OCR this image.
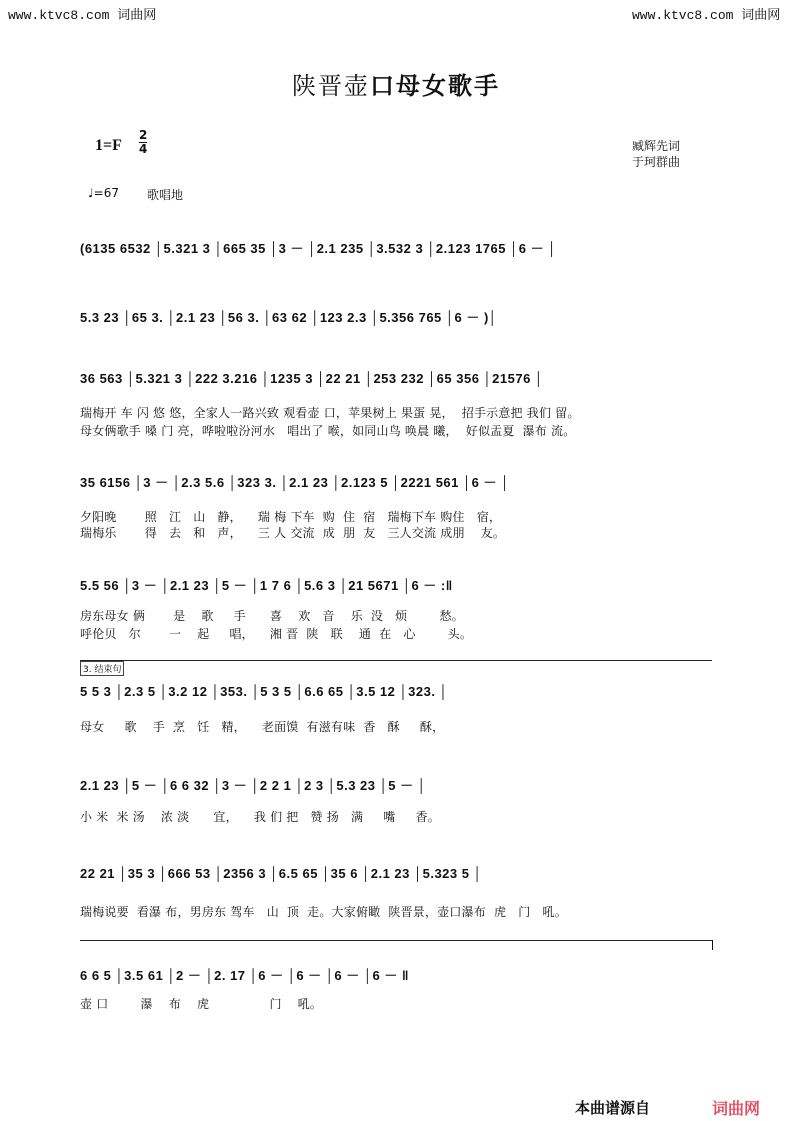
www.ktvc8.com 词曲网	www.ktvc8.com 词曲网
陕晋壶口母女歌手
$1=F \frac{2}{4}$	臧辉先词
于珂群曲
♩=67 歌唱地
(6135 6532 │5.321 3 │665 35 │3 － │2.1 235 │3.532 3 │2.123 1765 │6 － │
5.3 23 │65 3. │2.1 23 │56 3. │63 62 │123 2.3 │5.356 765 │6 － )│
36 563 │5.321 3 │222 3.216 │1235 3 │22 21 │253 232 │65 356 │21576 │
瑞梅开 车 闪 悠 悠，全家人一路兴致 观看壶 口，苹果树上 果蛋 晃，  招手示意把 我们 留。
母女俩歌手 嗓 门 亮，哗啦啦汾河水   唱出了 喉，如同山鸟 唤晨 曦，  好似盂夏  瀑布 流。
35 6156 │3 － │2.3 5.6 │323 3. │2.1 23 │2.123 5 │2221 561 │6 － │
夕阳晚       照   江   山   静，    瑞 梅 下车  购  住  宿   瑞梅下车 购住   宿，
瑞梅乐       得   去   和   声，    三 人 交流  成  朋  友   三人交流 成朋    友。
5.5 56 │3 － │2.1 23 │5 － │1 7 6 │5.6 3 │21 5671 │6 － :‖
房东母女 俩       是    歌     手      喜    欢   音    乐  没   烦        愁。
呼伦贝   尔       一    起     唱，    湘 晋  陕   联    通  在   心        头。
3. 结束句
5 5 3 │2.3 5 │3.2 12 │353. │5 3 5 │6.6 65 │3.5 12 │323. │
母女     歌    手  烹   饪   精，    老面馍  有滋有味  香   酥     酥，
2.1 23 │5 － │6 6 32 │3 － │2 2 1 │2 3 │5.3 23 │5 － │
小 米  米 汤    浓 淡      宜，    我 们 把   赞 扬   满     嘴     香。
22 21 │35 3 │666 53 │2356 3 │6.5 65 │35 6 │2.1 23 │5.323 5 │
瑞梅说要  看瀑 布，男房东 驾车   山  顶  走。大家俯瞰  陕晋景，壶口瀑布  虎   门   吼。
6 6 5 │3.5 61 │2 － │2. 17 │6 － │6 － │6 － │6 － ‖
壶 口        瀑    布    虎               门    吼。
本曲谱源自	词曲网
